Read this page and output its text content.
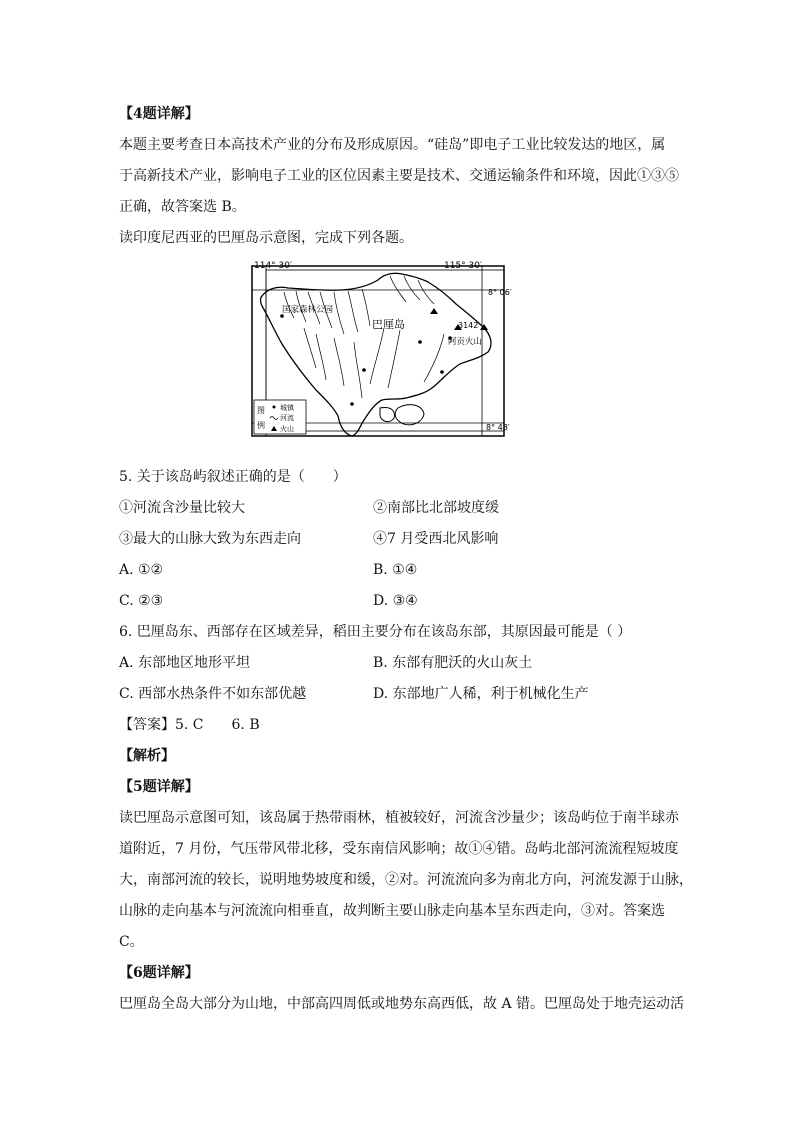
【4题详解】
本题主要考查日本高技术产业的分布及形成原因。“硅岛”即电子工业比较发达的地区，属
于高新技术产业，影响电子工业的区位因素主要是技术、交通运输条件和环境，因此①③⑤
正确，故答案选 B。
读印度尼西亚的巴厘岛示意图，完成下列各题。
114° 30′	115° 30′
8° 06′
8° 48′
国家森林公园
巴厘岛	3142
阿贡火山
图
例
城镇
河流
火山
5. 关于该岛屿叙述正确的是（　　）
①河流含沙量比较大	②南部比北部坡度缓
③最大的山脉大致为东西走向	④7 月受西北风影响
A. ①②	B. ①④
C. ②③	D. ③④
6. 巴厘岛东、西部存在区域差异，稻田主要分布在该岛东部，其原因最可能是（ ）
A. 东部地区地形平坦	B. 东部有肥沃的火山灰土
C. 西部水热条件不如东部优越	D. 东部地广人稀，利于机械化生产
【答案】5. C　　6. B
【解析】
【5题详解】
读巴厘岛示意图可知，该岛属于热带雨林，植被较好，河流含沙量少；该岛屿位于南半球赤
道附近，7 月份，气压带风带北移，受东南信风影响；故①④错。岛屿北部河流流程短坡度
大，南部河流的较长，说明地势坡度和缓，②对。河流流向多为南北方向，河流发源于山脉，
山脉的走向基本与河流流向相垂直，故判断主要山脉走向基本呈东西走向，③对。答案选
C。
【6题详解】
巴厘岛全岛大部分为山地，中部高四周低或地势东高西低，故 A 错。巴厘岛处于地壳运动活
